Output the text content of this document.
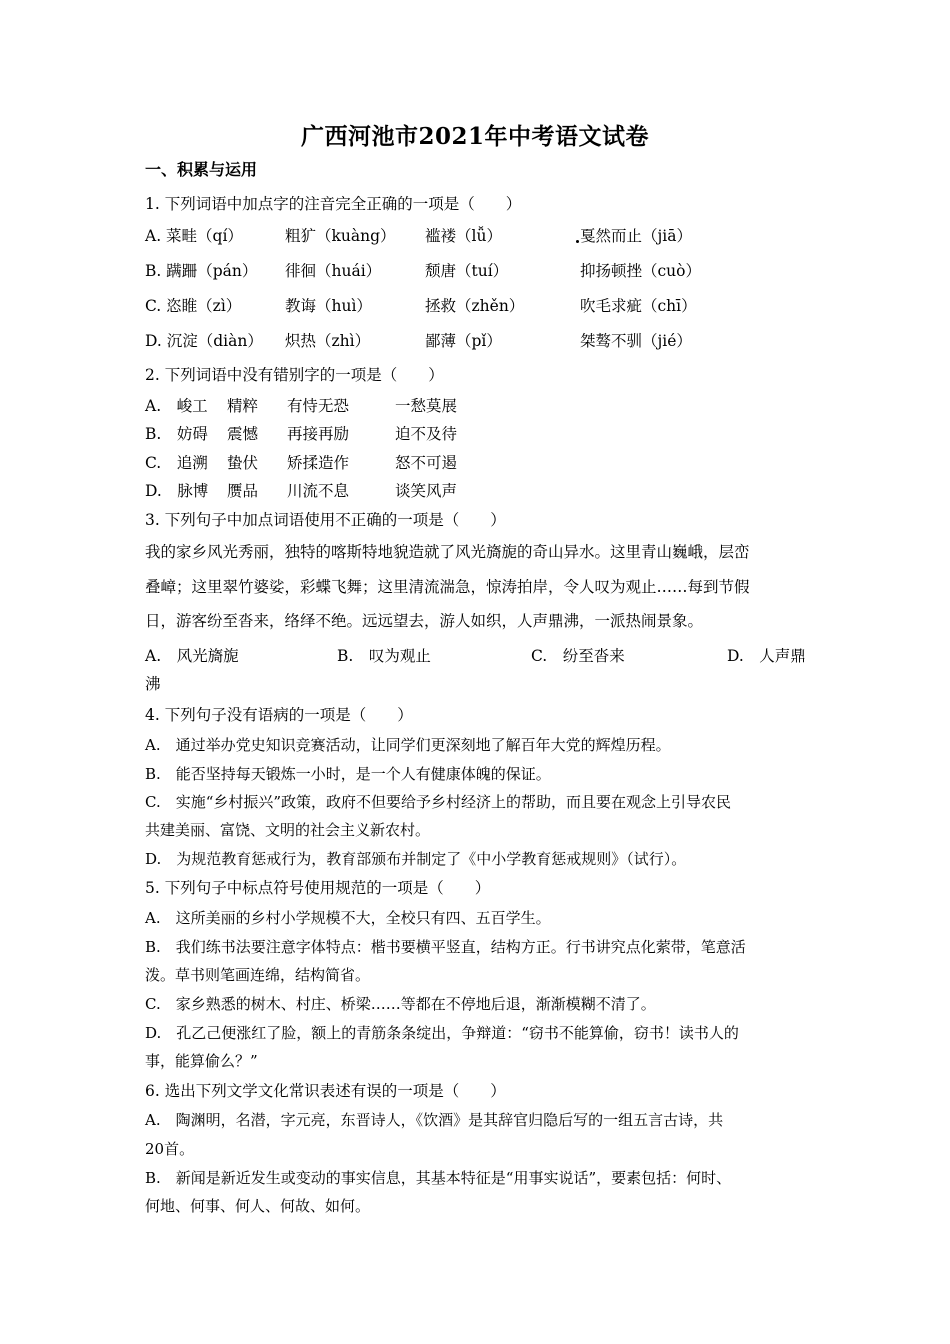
广西河池市2021年中考语文试卷
一、积累与运用
1. 下列词语中加点字的注音完全正确的一项是（　　）
A. 菜畦（qí）	粗犷（kuàng） 褴褛（lǚ）	戛然而止（jiā）
B. 蹒跚（pán） 徘徊（huái）	颓唐（tuí）	抑扬顿挫（cuò）
C. 恣睢（zì）	教诲（huì）	拯救（zhěn）	吹毛求疵（chī）
D. 沉淀（diàn） 炽热（zhì）	鄙薄（pǐ）	桀骜不驯（jié）
2. 下列词语中没有错别字的一项是（　　）
A.　峻工 精粹 有恃无恐	一愁莫展
B.　妨碍 震憾 再接再励	迫不及待
C.　追溯 蛰伏 矫揉造作	怒不可遏
D.　脉博 赝品 川流不息	谈笑风声
3. 下列句子中加点词语使用不正确的一项是（　　）
我的家乡风光秀丽，独特的喀斯特地貌造就了风光旖旎的奇山异水。这里青山巍峨，层峦
叠嶂；这里翠竹婆娑，彩蝶飞舞；这里清流湍急，惊涛拍岸，令人叹为观止……每到节假
日，游客纷至沓来，络绎不绝。远远望去，游人如织，人声鼎沸，一派热闹景象。
A.　风光旖旎	B.　叹为观止	C.　纷至沓来	D.　人声鼎
沸
4. 下列句子没有语病的一项是（　　）
A.　通过举办党史知识竞赛活动，让同学们更深刻地了解百年大党的辉煌历程。
B.　能否坚持每天锻炼一小时，是一个人有健康体魄的保证。
C.　实施“乡村振兴”政策，政府不但要给予乡村经济上的帮助，而且要在观念上引导农民
共建美丽、富饶、文明的社会主义新农村。
D.　为规范教育惩戒行为，教育部颁布并制定了《中小学教育惩戒规则》（试行）。
5. 下列句子中标点符号使用规范的一项是（　　）
A.　这所美丽的乡村小学规模不大，全校只有四、五百学生。
B.　我们练书法要注意字体特点：楷书要横平竖直，结构方正。行书讲究点化萦带，笔意活
泼。草书则笔画连绵，结构简省。
C.　家乡熟悉的树木、村庄、桥梁……等都在不停地后退，渐渐模糊不清了。
D.　孔乙己便涨红了脸，额上的青筋条条绽出，争辩道：“窃书不能算偷，窃书！读书人的
事，能算偷么？”
6. 选出下列文学文化常识表述有误的一项是（　　）
A.　陶渊明，名潜，字元亮，东晋诗人，《饮酒》是其辞官归隐后写的一组五言古诗，共
20首。
B.　新闻是新近发生或变动的事实信息，其基本特征是“用事实说话”，要素包括：何时、
何地、何事、何人、何故、如何。
